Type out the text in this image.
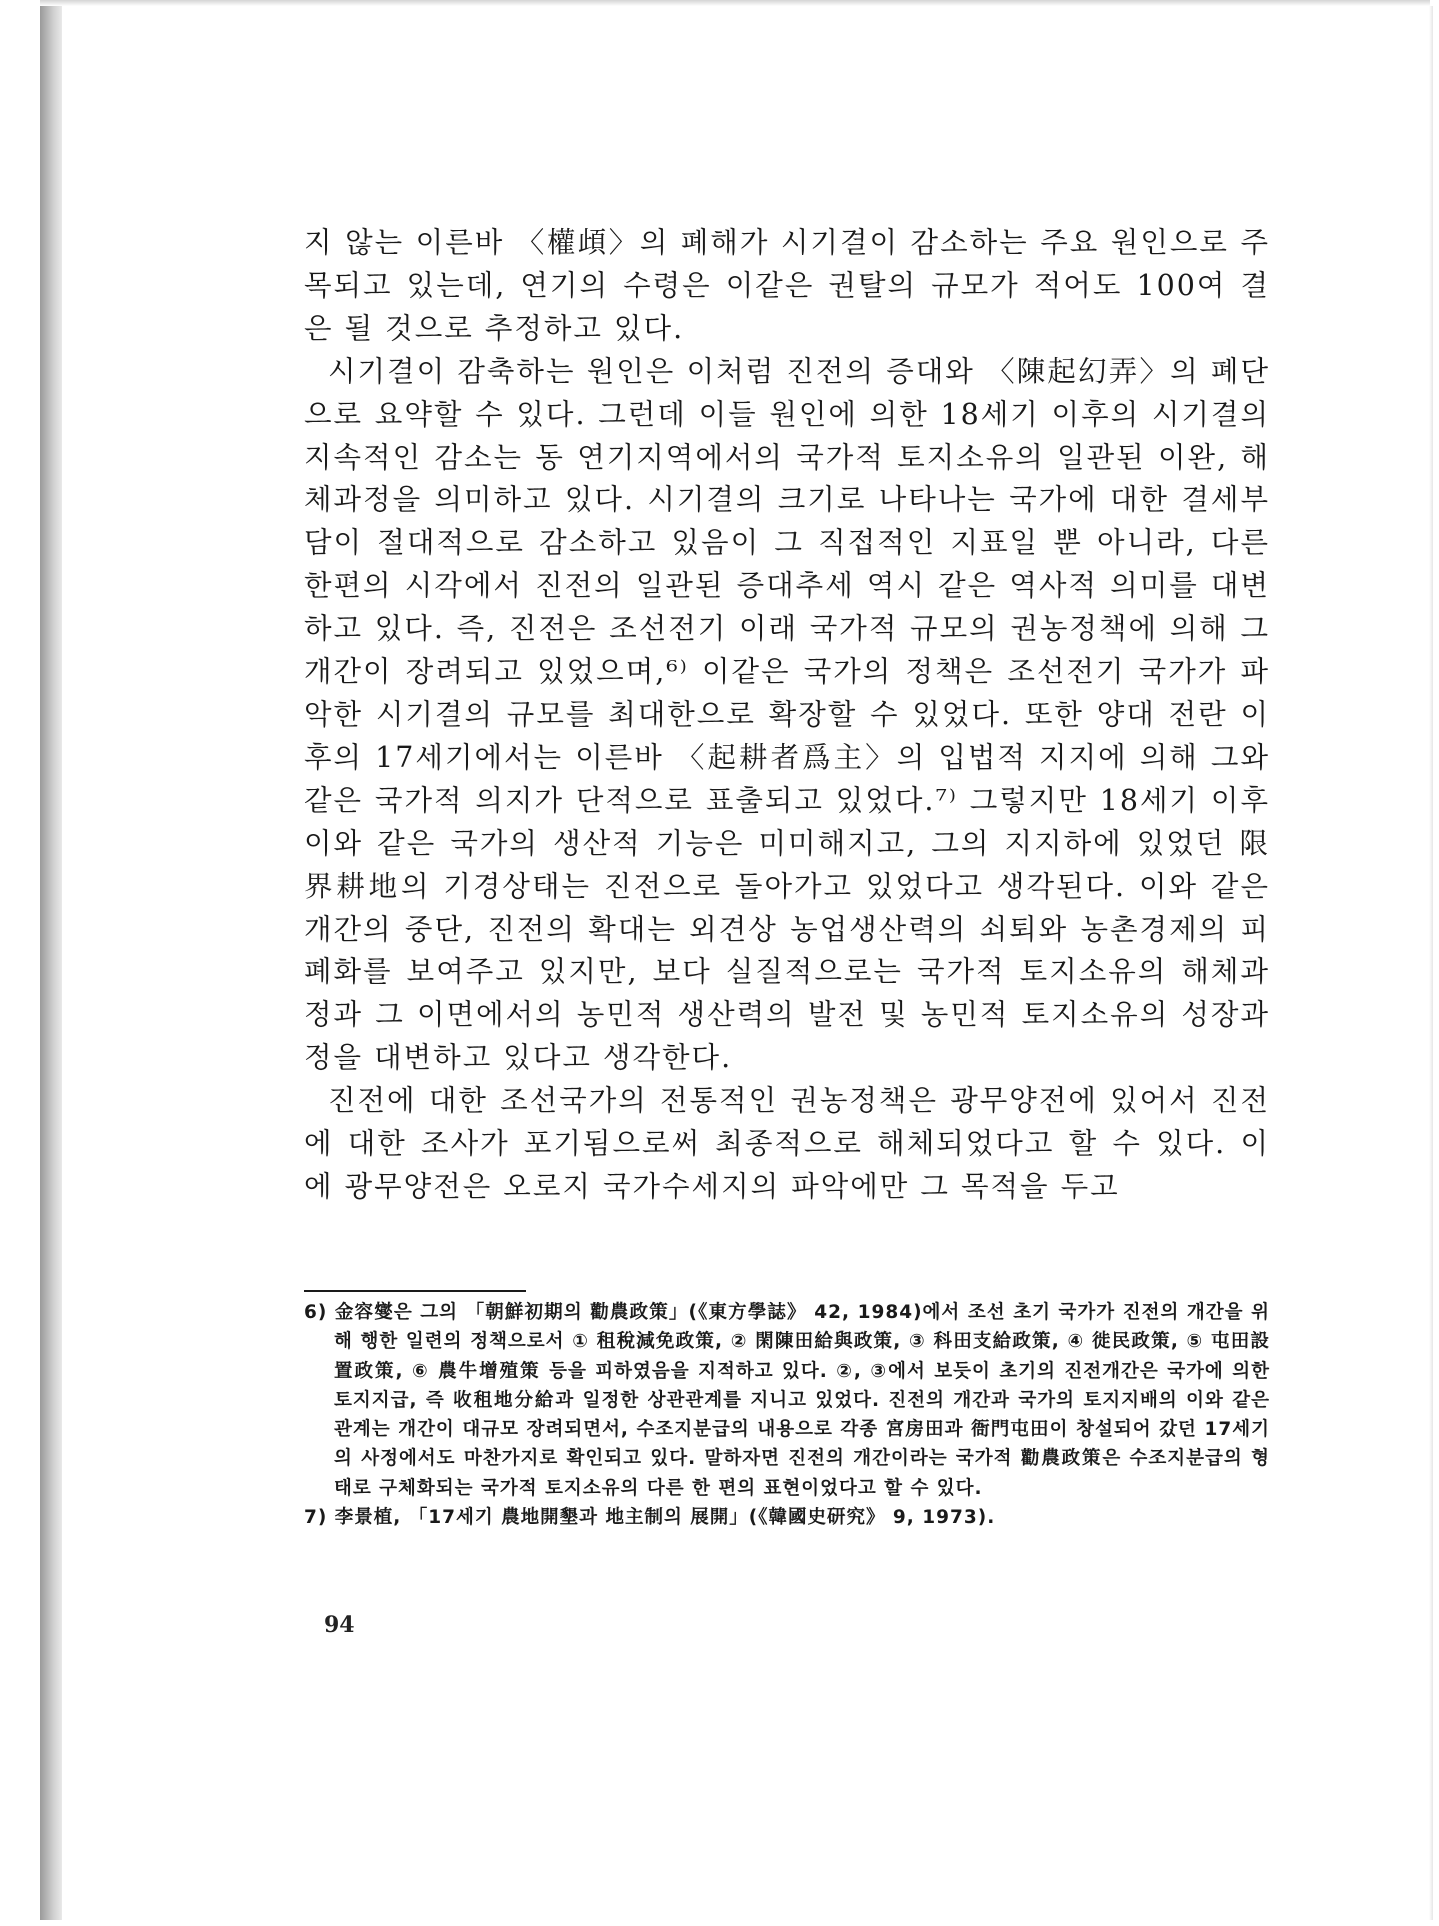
지 않는 이른바 〈權頉〉의 폐해가 시기결이 감소하는 주요 원인으로 주목되고 있는데, 연기의 수령은 이같은 권탈의 규모가 적어도 100여 결은 될 것으로 추정하고 있다.

시기결이 감축하는 원인은 이처럼 진전의 증대와 〈陳起幻弄〉의 폐단으로 요약할 수 있다. 그런데 이들 원인에 의한 18세기 이후의 시기결의 지속적인 감소는 동 연기지역에서의 국가적 토지소유의 일관된 이완, 해체과정을 의미하고 있다. 시기결의 크기로 나타나는 국가에 대한 결세부담이 절대적으로 감소하고 있음이 그 직접적인 지표일 뿐 아니라, 다른 한편의 시각에서 진전의 일관된 증대추세 역시 같은 역사적 의미를 대변하고 있다. 즉, 진전은 조선전기 이래 국가적 규모의 권농정책에 의해 그 개간이 장려되고 있었으며,⁶⁾ 이같은 국가의 정책은 조선전기 국가가 파악한 시기결의 규모를 최대한으로 확장할 수 있었다. 또한 양대 전란 이후의 17세기에서는 이른바 〈起耕者爲主〉의 입법적 지지에 의해 그와 같은 국가적 의지가 단적으로 표출되고 있었다.⁷⁾ 그렇지만 18세기 이후 이와 같은 국가의 생산적 기능은 미미해지고, 그의 지지하에 있었던 限界耕地의 기경상태는 진전으로 돌아가고 있었다고 생각된다. 이와 같은 개간의 중단, 진전의 확대는 외견상 농업생산력의 쇠퇴와 농촌경제의 피폐화를 보여주고 있지만, 보다 실질적으로는 국가적 토지소유의 해체과정과 그 이면에서의 농민적 생산력의 발전 및 농민적 토지소유의 성장과정을 대변하고 있다고 생각한다.

진전에 대한 조선국가의 전통적인 권농정책은 광무양전에 있어서 진전에 대한 조사가 포기됨으로써 최종적으로 해체되었다고 할 수 있다. 이에 광무양전은 오로지 국가수세지의 파악에만 그 목적을 두고

6) 金容燮은 그의 「朝鮮初期의 勸農政策」(《東方學誌》 42, 1984)에서 조선 초기 국가가 진전의 개간을 위해 행한 일련의 정책으로서 ① 租稅減免政策, ② 閑陳田給與政策, ③ 科田支給政策, ④ 徙民政策, ⑤ 屯田設置政策, ⑥ 農牛增殖策 등을 피하였음을 지적하고 있다. ②, ③에서 보듯이 초기의 진전개간은 국가에 의한 토지지급, 즉 收租地分給과 일정한 상관관계를 지니고 있었다. 진전의 개간과 국가의 토지지배의 이와 같은 관계는 개간이 대규모 장려되면서, 수조지분급의 내용으로 각종 宮房田과 衙門屯田이 창설되어 갔던 17세기의 사정에서도 마찬가지로 확인되고 있다. 말하자면 진전의 개간이라는 국가적 勸農政策은 수조지분급의 형태로 구체화되는 국가적 토지소유의 다른 한 편의 표현이었다고 할 수 있다.

7) 李景植, 「17세기 農地開墾과 地主制의 展開」(《韓國史研究》 9, 1973).

94
